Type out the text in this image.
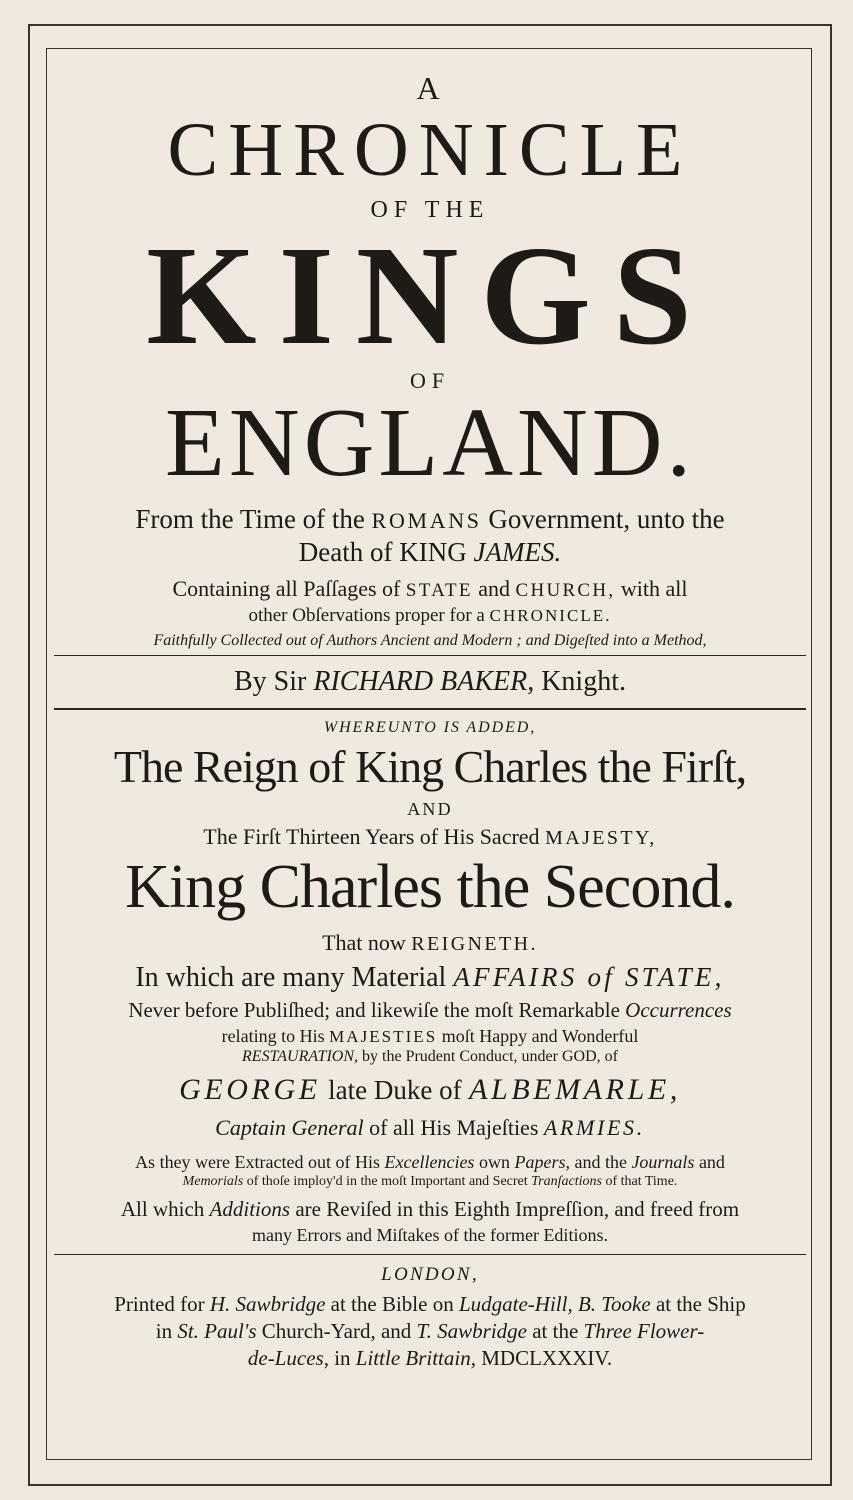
A
CHRONICLE
OF THE
KINGS
OF
ENGLAND.
From the Time of the ROMANS Government, unto the
Death of KING JAMES.
Containing all Paſſages of STATE and CHURCH, with all
other Obſervations proper for a CHRONICLE.
Faithfully Collected out of Authors Ancient and Modern ; and Digeſted into a Method,
By Sir RICHARD BAKER, Knight.
WHEREUNTO IS ADDED,
The Reign of King Charles the Firſt,
AND
The Firſt Thirteen Years of His Sacred MAJESTY,
King Charles the Second.
That now REIGNETH.
In which are many Material AFFAIRS of STATE,
Never before Publiſhed; and likewiſe the moſt Remarkable Occurrences
relating to His MAJESTIES moſt Happy and Wonderful
RESTAURATION, by the Prudent Conduct, under GOD, of
GEORGE late Duke of ALBEMARLE,
Captain General of all His Majeſties ARMIES.
As they were Extracted out of His Excellencies own Papers, and the Journals and
Memorials of thoſe imploy'd in the moſt Important and Secret Tranſactions of that Time.
All which Additions are Reviſed in this Eighth Impreſſion, and freed from
many Errors and Miſtakes of the former Editions.
LONDON,
Printed for H. Sawbridge at the Bible on Ludgate-Hill, B. Tooke at the Ship
in St. Paul's Church-Yard, and T. Sawbridge at the Three Flower-
de-Luces, in Little Brittain, MDCLXXXIV.
